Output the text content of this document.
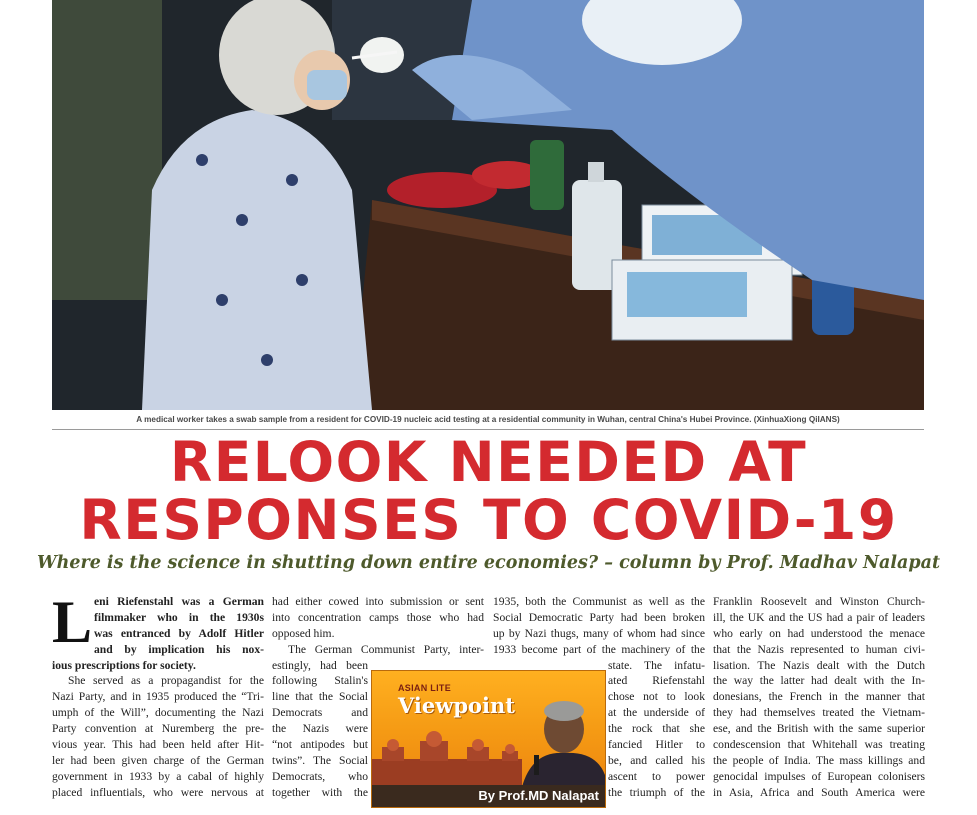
A medical worker takes a swab sample from a resident for COVID-19 nucleic acid testing at a residential community in Wuhan, central China's Hubei Province. (XinhuaXiong QiIANS)
RELOOK NEEDED AT
RESPONSES TO COVID-19
Where is the science in shutting down entire economies? – column by Prof. Madhav Nalapat
L eni Riefenstahl was a German
filmmaker who in the 1930s
was entranced by Adolf Hitler
and by implication his nox-
ious prescriptions for society.
She served as a propagandist for the
Nazi Party, and in 1935 produced the “Tri-
umph of the Will”, documenting the Nazi
Party convention at Nuremberg the pre-
vious year. This had been held after Hit-
ler had been given charge of the German
government in 1933 by a cabal of highly
placed influentials, who were nervous at
had either cowed into submission or sent
into concentration camps those who had
opposed him.
The German Communist Party, inter-
estingly, had been
following Stalin's
line that the Social
Democrats and
the Nazis were
“not antipodes but
twins”. The Social
Democrats, who
together with the
1935, both the Communist as well as the
Social Democratic Party had been broken
up by Nazi thugs, many of whom had since
1933 become part of the machinery of the
state. The infatu-
ated Riefenstahl
chose not to look
at the underside of
the rock that she
fancied Hitler to
be, and called his
ascent to power
the triumph of the
Franklin Roosevelt and Winston Church-
ill, the UK and the US had a pair of leaders
who early on had understood the menace
that the Nazis represented to human civi-
lisation. The Nazis dealt with the Dutch
the way the latter had dealt with the In-
donesians, the French in the manner that
they had themselves treated the Vietnam-
ese, and the British with the same superior
condescension that Whitehall was treating
the people of India. The mass killings and
genocidal impulses of European colonisers
in Asia, Africa and South America were
ASIAN LITE
Viewpoint
By Prof.MD Nalapat
